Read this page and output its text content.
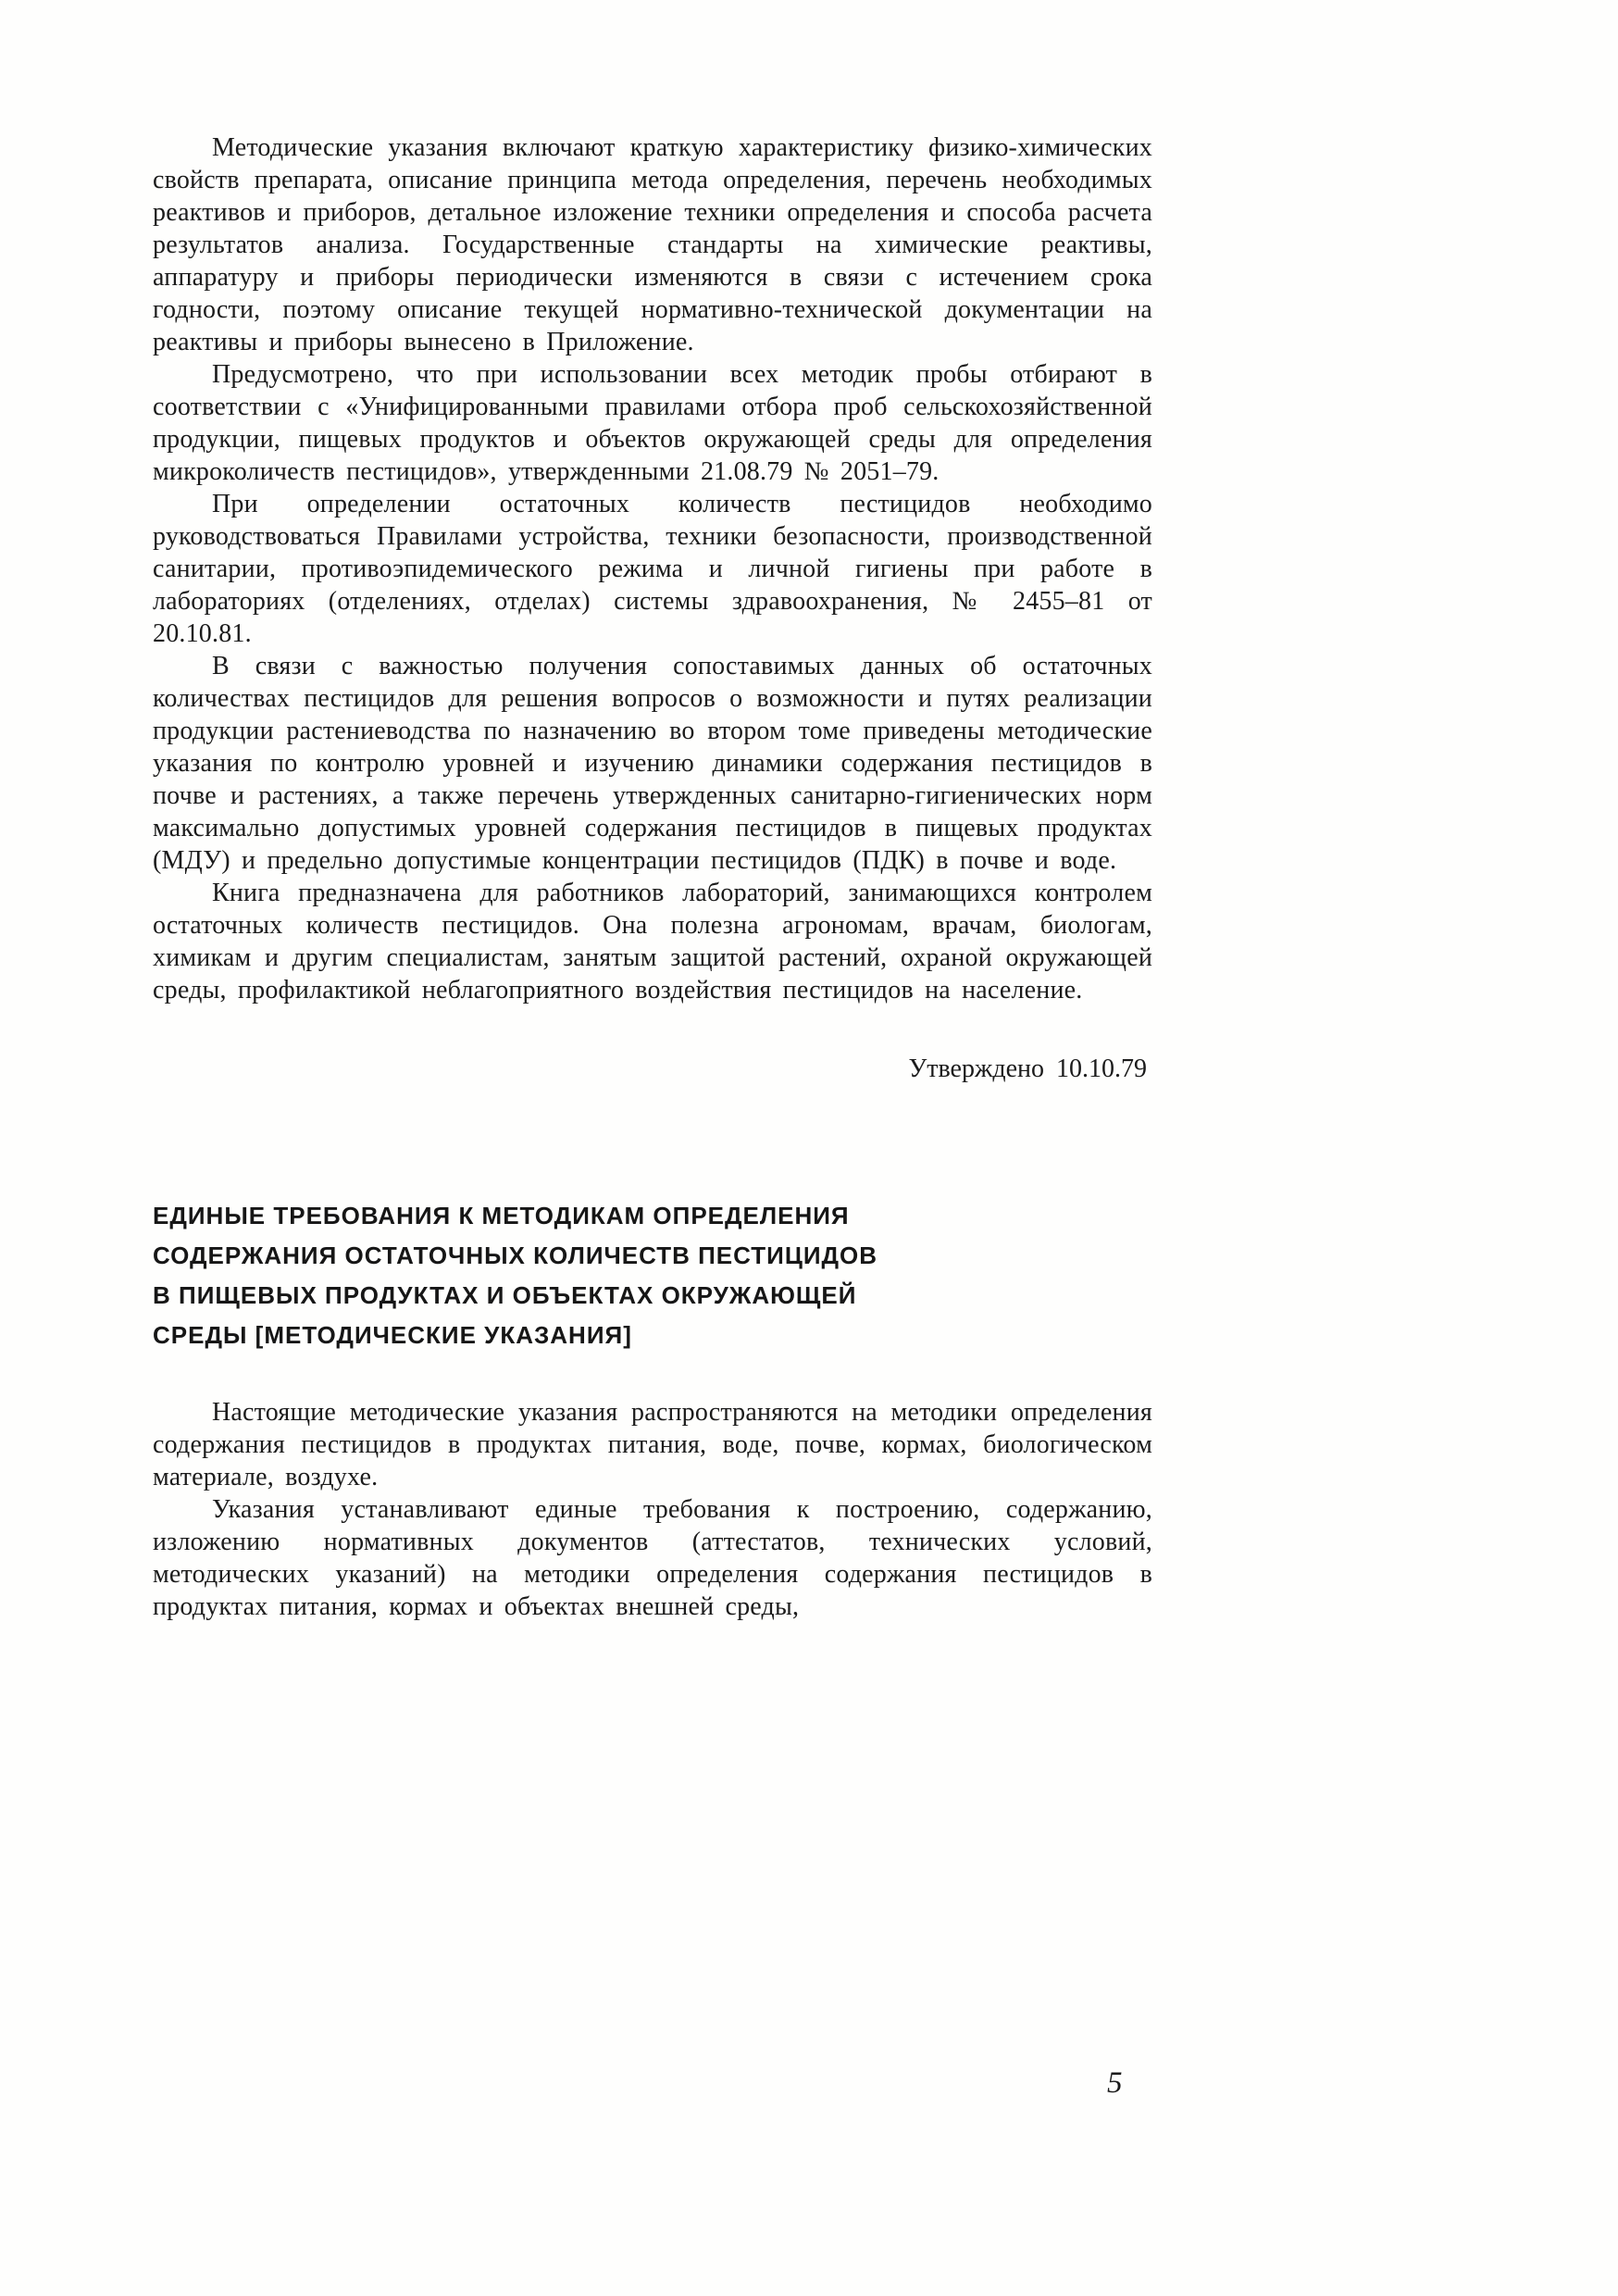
Методические указания включают краткую характеристику физико-химических свойств препарата, описание принципа метода определения, перечень необходимых реактивов и приборов, детальное изложение техники определения и способа расчета результатов анализа. Государственные стандарты на химические реактивы, аппаратуру и приборы периодически изменяются в связи с истечением срока годности, поэтому описание текущей нормативно-технической документации на реактивы и приборы вынесено в Приложение.

Предусмотрено, что при использовании всех методик пробы отбирают в соответствии с «Унифицированными правилами отбора проб сельскохозяйственной продукции, пищевых продуктов и объектов окружающей среды для определения микроколичеств пестицидов», утвержденными 21.08.79 № 2051–79.

При определении остаточных количеств пестицидов необходимо руководствоваться Правилами устройства, техники безопасности, производственной санитарии, противоэпидемического режима и личной гигиены при работе в лабораториях (отделениях, отделах) системы здравоохранения, № 2455–81 от 20.10.81.

В связи с важностью получения сопоставимых данных об остаточных количествах пестицидов для решения вопросов о возможности и путях реализации продукции растениеводства по назначению во втором томе приведены методические указания по контролю уровней и изучению динамики содержания пестицидов в почве и растениях, а также перечень утвержденных санитарно-гигиенических норм максимально допустимых уровней содержания пестицидов в пищевых продуктах (МДУ) и предельно допустимые концентрации пестицидов (ПДК) в почве и воде.

Книга предназначена для работников лабораторий, занимающихся контролем остаточных количеств пестицидов. Она полезна агрономам, врачам, биологам, химикам и другим специалистам, занятым защитой растений, охраной окружающей среды, профилактикой неблагоприятного воздействия пестицидов на население.

Утверждено 10.10.79

ЕДИНЫЕ ТРЕБОВАНИЯ К МЕТОДИКАМ ОПРЕДЕЛЕНИЯ
СОДЕРЖАНИЯ ОСТАТОЧНЫХ КОЛИЧЕСТВ ПЕСТИЦИДОВ
В ПИЩЕВЫХ ПРОДУКТАХ И ОБЪЕКТАХ ОКРУЖАЮЩЕЙ
СРЕДЫ [МЕТОДИЧЕСКИЕ УКАЗАНИЯ]

Настоящие методические указания распространяются на методики определения содержания пестицидов в продуктах питания, воде, почве, кормах, биологическом материале, воздухе.

Указания устанавливают единые требования к построению, содержанию, изложению нормативных документов (аттестатов, технических условий, методических указаний) на методики определения содержания пестицидов в продуктах питания, кормах и объектах внешней среды,

5
